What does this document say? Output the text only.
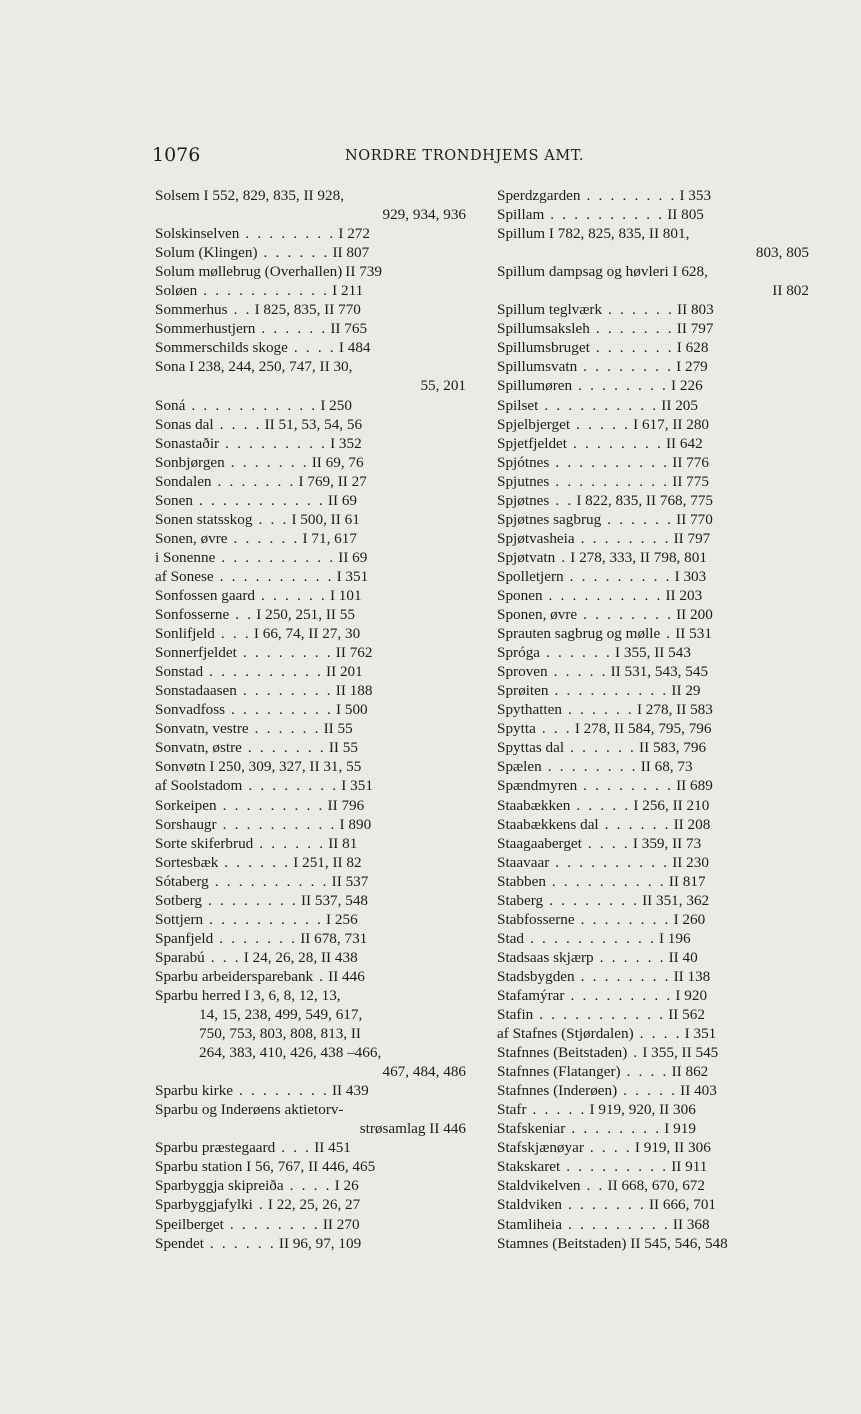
1076	NORDRE TRONDHJEMS AMT.
Solsem I 552, 829, 835, II 928,
929, 934, 936
Solskinselven . . . . . . . . I 272
Solum (Klingen) . . . . . . II 807
Solum møllebrug (Overhallen) II 739
Soløen . . . . . . . . . . . I 211
Sommerhus . . I 825, 835, II 770
Sommerhustjern . . . . . . II 765
Sommerschilds skoge . . . . I 484
Sona I 238, 244, 250, 747, II 30,
55, 201
Soná . . . . . . . . . . . I 250
Sonas dal . . . . II 51, 53, 54, 56
Sonastaðir . . . . . . . . . I 352
Sonbjørgen . . . . . . . II 69, 76
Sondalen . . . . . . . I 769, II 27
Sonen . . . . . . . . . . . II 69
Sonen statsskog . . . I 500, II 61
Sonen, øvre . . . . . . I 71, 617
i Sonenne . . . . . . . . . . II 69
af Sonese . . . . . . . . . . I 351
Sonfossen gaard . . . . . . I 101
Sonfosserne . . I 250, 251, II 55
Sonlifjeld . . . I 66, 74, II 27, 30
Sonnerfjeldet . . . . . . . . II 762
Sonstad . . . . . . . . . . II 201
Sonstadaasen . . . . . . . . II 188
Sonvadfoss . . . . . . . . . I 500
Sonvatn, vestre . . . . . . II 55
Sonvatn, østre . . . . . . . II 55
Sonvøtn I 250, 309, 327, II 31, 55
af Soolstadom . . . . . . . . I 351
Sorkeipen . . . . . . . . . II 796
Sorshaugr . . . . . . . . . . I 890
Sorte skiferbrud . . . . . . II 81
Sortesbæk . . . . . . I 251, II 82
Sótaberg . . . . . . . . . . II 537
Sotberg . . . . . . . . II 537, 548
Sottjern . . . . . . . . . . I 256
Spanfjeld . . . . . . . II 678, 731
Sparabú . . . I 24, 26, 28, II 438
Sparbu arbeidersparebank . II 446
Sparbu herred I 3, 6, 8, 12, 13,
14, 15, 238, 499, 549, 617,
750, 753, 803, 808, 813, II
264, 383, 410, 426, 438 –466,
467, 484, 486
Sparbu kirke . . . . . . . . II 439
Sparbu og Inderøens aktietorv-
strøsamlag II 446
Sparbu præstegaard . . . II 451
Sparbu station I 56, 767, II 446, 465
Sparbyggja skipreiða . . . . I 26
Sparbyggjafylki . I 22, 25, 26, 27
Speilberget . . . . . . . . II 270
Spendet . . . . . . II 96, 97, 109
Sperdzgarden . . . . . . . . I 353
Spillam . . . . . . . . . . II 805
Spillum I 782, 825, 835, II 801,
803, 805
Spillum dampsag og høvleri I 628,
II 802
Spillum teglværk . . . . . . II 803
Spillumsaksleh . . . . . . . II 797
Spillumsbruget . . . . . . . I 628
Spillumsvatn . . . . . . . . I 279
Spillumøren . . . . . . . . I 226
Spilset . . . . . . . . . . II 205
Spjelbjerget . . . . . I 617, II 280
Spjetfjeldet . . . . . . . . II 642
Spjótnes . . . . . . . . . . II 776
Spjutnes . . . . . . . . . . II 775
Spjøtnes . . I 822, 835, II 768, 775
Spjøtnes sagbrug . . . . . . II 770
Spjøtvasheia . . . . . . . . II 797
Spjøtvatn . I 278, 333, II 798, 801
Spolletjern . . . . . . . . . I 303
Sponen . . . . . . . . . . II 203
Sponen, øvre . . . . . . . . II 200
Sprauten sagbrug og mølle . II 531
Spróga . . . . . . I 355, II 543
Sproven . . . . . II 531, 543, 545
Sprøiten . . . . . . . . . . II 29
Spythatten . . . . . . I 278, II 583
Spytta . . . I 278, II 584, 795, 796
Spyttas dal . . . . . . II 583, 796
Spælen . . . . . . . . II 68, 73
Spændmyren . . . . . . . . II 689
Staabækken . . . . . I 256, II 210
Staabækkens dal . . . . . . II 208
Staagaaberget . . . . I 359, II 73
Staavaar . . . . . . . . . . II 230
Stabben . . . . . . . . . . II 817
Staberg . . . . . . . . II 351, 362
Stabfosserne . . . . . . . . I 260
Stad . . . . . . . . . . . I 196
Stadsaas skjærp . . . . . . II 40
Stadsbygden . . . . . . . . II 138
Stafamýrar . . . . . . . . . I 920
Stafin . . . . . . . . . . . II 562
af Stafnes (Stjørdalen) . . . . I 351
Stafnnes (Beitstaden) . I 355, II 545
Stafnnes (Flatanger) . . . . II 862
Stafnnes (Inderøen) . . . . . II 403
Stafr . . . . . I 919, 920, II 306
Stafskeniar . . . . . . . . I 919
Stafskjænøyar . . . . I 919, II 306
Stakskaret . . . . . . . . . II 911
Staldvikelven . . II 668, 670, 672
Staldviken . . . . . . . II 666, 701
Stamliheia . . . . . . . . . II 368
Stamnes (Beitstaden) II 545, 546, 548
